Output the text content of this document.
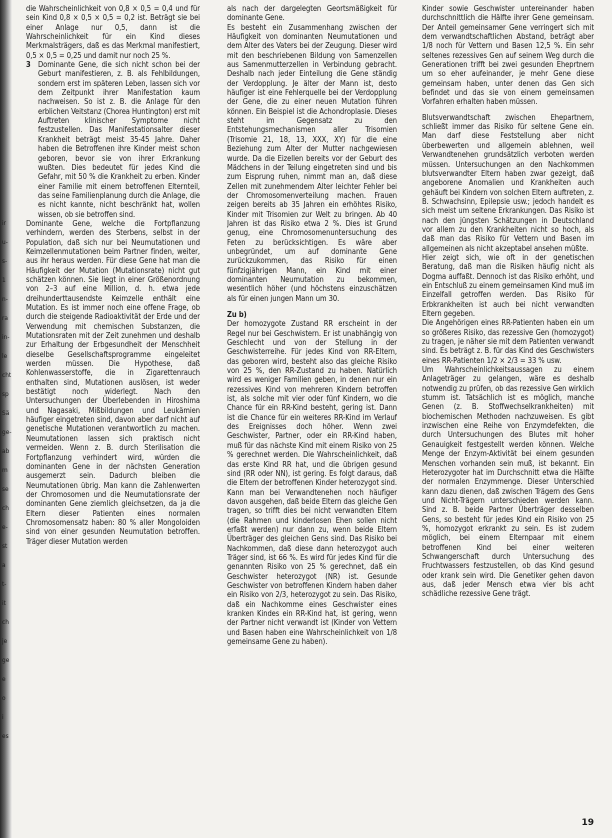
ir
u-
s-
1
n-
ra
in-
le
cht
sp
Sä
ge-
ab
m
se
ch
e-
st
a
t-
it
ch
je
ge
e
o
i
es

die Wahrscheinlichkeit von 0,8 × 0,5 = 0,4 und für sein Kind 0,8 × 0,5 × 0,5 = 0,2 ist. Beträgt sie bei einer Anlage nur 0,5, dann ist die Wahrscheinlichkeit für ein Kind dieses Merkmalsträgers, daß es das Merkmal manifestiert, 0,5 × 0,5 = 0,25 und damit nur noch 25 %.

3 Dominante Gene, die sich nicht schon bei der Geburt manifestieren, z. B. als Fehlbildungen, sondern erst im späteren Leben, lassen sich vor dem Zeitpunkt ihrer Manifestation kaum nachweisen. So ist z. B. die Anlage für den erblichen Veitstanz (Chorea Huntington) erst mit Auftreten klinischer Symptome nicht festzustellen. Das Manifestationsalter dieser Krankheit beträgt meist 35-45 Jahre. Daher haben die Betroffenen ihre Kinder meist schon geboren, bevor sie von ihrer Erkrankung wußten. Dies bedeutet für jedes Kind die Gefahr, mit 50 % die Krankheit zu erben. Kinder einer Familie mit einem betroffenen Elternteil, das seine Familienplanung durch die Anlage, die es nicht kannte, nicht beschränkt hat, wollen wissen, ob sie betroffen sind.

Dominante Gene, welche die Fortpflanzung verhindern, werden des Sterbens, selbst in der Population, daß sich nur bei Neumutationen und Keimzellenmutationen beim Partner finden, weiter, aus ihr heraus werden. Für diese Gene hat man die Häufigkeit der Mutation (Mutationsrate) nicht gut schätzen können. Sie liegt in einer Größenordnung von 2–3 auf eine Million, d. h. etwa jede dreihunderttausendste Keimzelle enthält eine Mutation. Es ist immer noch eine offene Frage, ob durch die steigende Radioaktivität der Erde und der Verwendung mit chemischen Substanzen, die Mutationsraten mit der Zeit zunehmen und deshalb zur Erhaltung der Erbgesundheit der Menschheit dieselbe Gesellschaftsprogramme eingeleitet werden müssen. Die Hypothese, daß Kohlenwasserstoffe, die in Zigarettenrauch enthalten sind, Mutationen auslösen, ist weder bestätigt noch widerlegt. Nach den Untersuchungen der Überlebenden in Hiroshima und Nagasaki, Mißbildungen und Leukämien häufiger eingetreten sind, davon aber darf nicht auf genetische Mutationen verantwortlich zu machen. Neumutationen lassen sich praktisch nicht vermeiden. Wenn z. B. durch Sterilisation die Fortpflanzung verhindert wird, würden die dominanten Gene in der nächsten Generation ausgemerzt sein. Dadurch bleiben die Neumutationen übrig. Man kann die Zahlenwerten der Chromosomen und die Neumutationsrate der dominanten Gene ziemlich gleichsetzen, da ja die Eltern dieser Patienten eines normalen Chromosomensatz haben: 80 % aller Mongoloiden sind von einer gesunden Neumutation betroffen. Träger dieser Mutation werden

als nach der dargelegten Geortsmäßigkeit für dominante Gene.

Es besteht ein Zusammenhang zwischen der Häufigkeit von dominanten Neumutationen und dem Alter des Vaters bei der Zeugung. Dieser wird mit den beschriebenen Bildung von Samenzellen aus Samenmutterzellen in Verbindung gebracht. Deshalb nach jeder Einteilung die Gene ständig der Verdopplung. Je älter der Mann ist, desto häufiger ist eine Fehlerquelle bei der Verdopplung der Gene, die zu einer neuen Mutation führen können. Ein Beispiel ist die Achondroplasie. Dieses steht im Gegensatz zu den Entstehungsmechanismen aller Trisomien (Trisomie 21, 18, 13, XXX, XY) für die eine Beziehung zum Alter der Mutter nachgewiesen wurde. Da die Eizellen bereits vor der Geburt des Mädchens in der Teilung eingetreten sind und bis zum Eisprung ruhen, nimmt man an, daß diese Zellen mit zunehmendem Alter leichter Fehler bei der Chromosomenverteilung machen. Frauen zeigen bereits ab 35 Jahren ein erhöhtes Risiko, Kinder mit Trisomien zur Welt zu bringen. Ab 40 Jahren ist das Risiko etwa 2 %. Dies ist Grund genug, eine Chromosomenuntersuchung des Feten zu berücksichtigen. Es wäre aber unbegründet, um auf dominante Gene zurückzukommen, das Risiko für einen fünfzigjährigen Mann, ein Kind mit einer dominanten Neumutation zu bekommen, wesentlich höher (und höchstens einzuschätzen als für einen jungen Mann um 30.

Zu b)

Der homozygote Zustand RR erscheint in der Regel nur bei Geschwistern. Er ist unabhängig von Geschlecht und von der Stellung in der Geschwisterreihe. Für jedes Kind von RR-Eltern, das geboren wird, besteht also das gleiche Risiko von 25 %, den RR-Zustand zu haben. Natürlich wird es weniger Familien geben, in denen nur ein rezessives Kind von mehreren Kindern betroffen ist, als solche mit vier oder fünf Kindern, wo die Chance für ein RR-Kind besteht, gering ist. Dann ist die Chance für ein weiteres RR-Kind im Verlauf des Ereignisses doch höher. Wenn zwei Geschwister, Partner, oder ein RR-Kind haben, muß für das nächste Kind mit einem Risiko von 25 % gerechnet werden. Die Wahrscheinlichkeit, daß das erste Kind RR hat, und die übrigen gesund sind (RR oder NN), ist gering. Es folgt daraus, daß die Eltern der betroffenen Kinder heterozygot sind. Kann man bei Verwandtenehen noch häufiger davon ausgehen, daß beide Eltern das gleiche Gen tragen, so trifft dies bei nicht verwandten Eltern (die Rahmen und kinderlosen Ehen sollen nicht erfaßt werden) nur dann zu, wenn beide Eltern Überträger des gleichen Gens sind. Das Risiko bei Nachkommen, daß diese dann heterozygot auch Träger sind, ist 66 %. Es wird für jedes Kind für die genannten Risiko von 25 % gerechnet, daß ein Geschwister heterozygot (NR) ist. Gesunde Geschwister von betroffenen Kindern haben daher ein Risiko von 2/3, heterozygot zu sein. Das Risiko, daß ein Nachkomme eines Geschwister eines kranken Kindes ein RR-Kind hat, ist gering, wenn der Partner nicht verwandt ist (Kinder von Vettern und Basen haben eine Wahrscheinlichkeit von 1/8 gemeinsame Gene zu haben).

Kinder sowie Geschwister untereinander haben durchschnittlich die Hälfte ihrer Gene gemeinsam. Der Anteil gemeinsamer Gene verringert sich mit dem verwandtschaftlichen Abstand, beträgt aber 1/8 noch für Vettern und Basen 12,5 %. Ein sehr seltenes rezessives Gen auf seinem Weg durch die Generationen trifft bei zwei gesunden Eheprtnern um so eher aufeinander, je mehr Gene diese gemeinsam haben, unter denen das Gen sich befindet und das sie von einem gemeinsamen Vorfahren erhalten haben müssen.

Blutsverwandtschaft zwischen Ehepartnern, schließt immer das Risiko für seltene Gene ein. Man darf diese Feststellung aber nicht überbewerten und allgemein ablehnen, weil Verwandtenehen grundsätzlich verboten werden müssen. Untersuchungen an den Nachkommen blutsverwandter Eltern haben zwar gezeigt, daß angeborene Anomalien und Krankheiten auch gehäuft bei Kindern von solchen Eltern auftreten, z. B. Schwachsinn, Epilepsie usw.; jedoch handelt es sich meist um seltene Erkrankungen. Das Risiko ist nach den jüngsten Schätzungen in Deutschland vor allem zu den Krankheiten nicht so hoch, als daß man das Risiko für Vettern und Basen im allgemeinen als nicht akzeptabel ansehen müßte.

Hier zeigt sich, wie oft in der genetischen Beratung, daß man die Risiken häufig nicht als Dogma auffaßt. Dennoch ist das Risiko erhöht, und ein Entschluß zu einem gemeinsamen Kind muß im Einzelfall getroffen werden. Das Risiko für Erbkrankheiten ist auch bei nicht verwandten Eltern gegeben.

Die Angehörigen eines RR-Patienten haben ein um so größeres Risiko, das rezessive Gen (homozygot) zu tragen, je näher sie mit dem Patienten verwandt sind. Es beträgt z. B. für das Kind des Geschwisters eines RR-Patienten 1/2 × 2/3 = 33 % usw.

Um Wahrscheinlichkeitsaussagen zu einem Anlageträger zu gelangen, wäre es deshalb notwendig zu prüfen, ob das rezessive Gen wirklich stumm ist. Tatsächlich ist es möglich, manche Genen (z. B. Stoffwechselkrankheiten) mit biochemischen Methoden nachzuweisen. Es gibt inzwischen eine Reihe von Enzymdefekten, die durch Untersuchungen des Blutes mit hoher Genauigkeit festgestellt werden können. Welche Menge der Enzym-Aktivität bei einem gesunden Menschen vorhanden sein muß, ist bekannt. Ein Heterozygoter hat im Durchschnitt etwa die Hälfte der normalen Enzymmenge. Dieser Unterschied kann dazu dienen, daß zwischen Trägern des Gens und Nicht-Trägern unterschieden werden kann. Sind z. B. beide Partner Überträger desselben Gens, so besteht für jedes Kind ein Risiko von 25 %, homozygot erkrankt zu sein. Es ist zudem möglich, bei einem Elternpaar mit einem betroffenen Kind bei einer weiteren Schwangerschaft durch Untersuchung des Fruchtwassers festzustellen, ob das Kind gesund oder krank sein wird. Die Genetiker gehen davon aus, daß jeder Mensch etwa vier bis acht schädliche rezessive Gene trägt.

19
